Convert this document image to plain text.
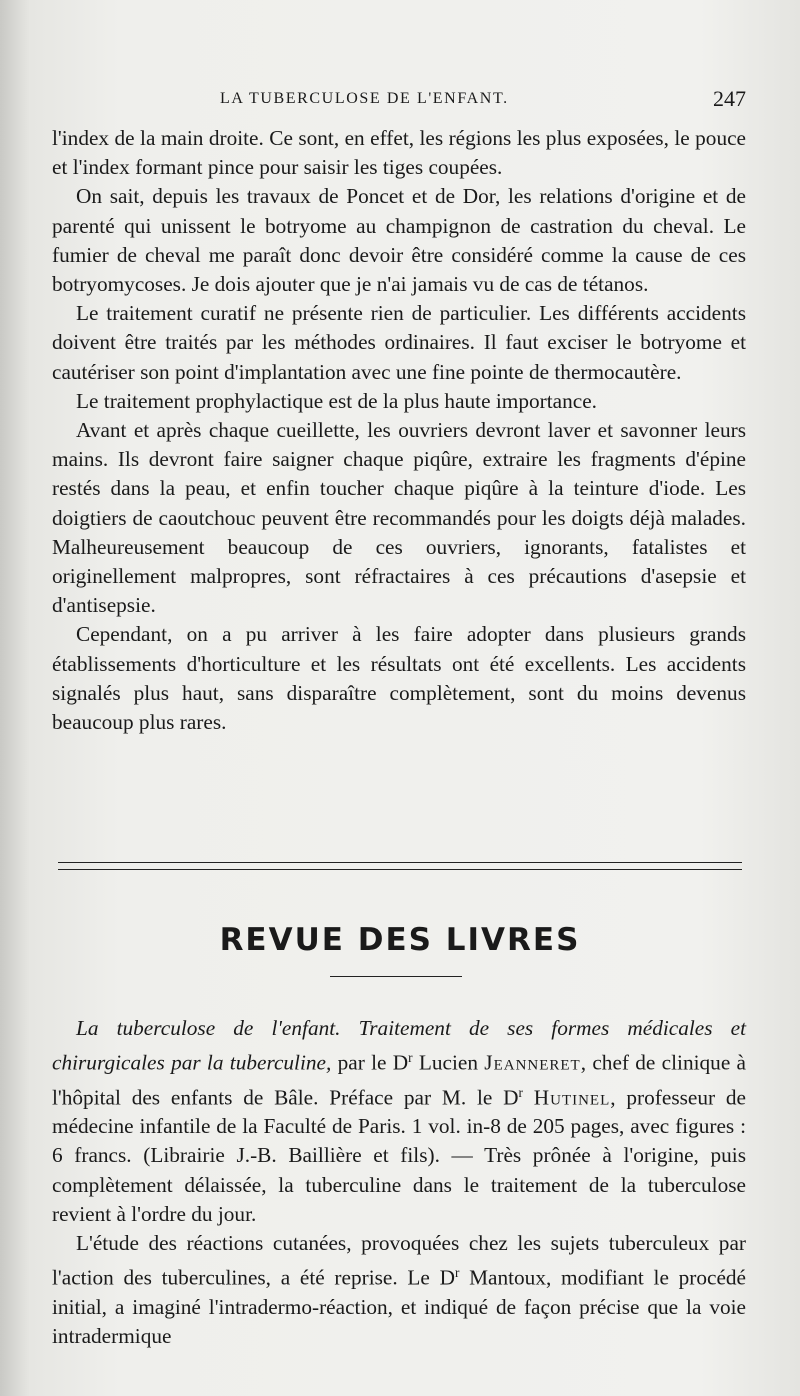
LA TUBERCULOSE DE L'ENFANT.	247

l'index de la main droite. Ce sont, en effet, les régions les plus exposées, le pouce et l'index formant pince pour saisir les tiges coupées.

On sait, depuis les travaux de Poncet et de Dor, les relations d'origine et de parenté qui unissent le botryome au champignon de castration du cheval. Le fumier de cheval me paraît donc devoir être considéré comme la cause de ces botryomycoses. Je dois ajouter que je n'ai jamais vu de cas de tétanos.

Le traitement curatif ne présente rien de particulier. Les différents accidents doivent être traités par les méthodes ordinaires. Il faut exciser le botryome et cautériser son point d'implantation avec une fine pointe de thermocautère.

Le traitement prophylactique est de la plus haute importance.

Avant et après chaque cueillette, les ouvriers devront laver et savonner leurs mains. Ils devront faire saigner chaque piqûre, extraire les fragments d'épine restés dans la peau, et enfin toucher chaque piqûre à la teinture d'iode. Les doigtiers de caoutchouc peuvent être recommandés pour les doigts déjà malades. Malheureusement beaucoup de ces ouvriers, ignorants, fatalistes et originellement malpropres, sont réfractaires à ces précautions d'asepsie et d'antisepsie.

Cependant, on a pu arriver à les faire adopter dans plusieurs grands établissements d'horticulture et les résultats ont été excellents. Les accidents signalés plus haut, sans disparaître complètement, sont du moins devenus beaucoup plus rares.

REVUE DES LIVRES

La tuberculose de l'enfant. Traitement de ses formes médicales et chirurgicales par la tuberculine, par le $D^r$ Lucien Jeanneret, chef de clinique à l'hôpital des enfants de Bâle. Préface par M. le $D^r$ Hutinel, professeur de médecine infantile de la Faculté de Paris. 1 vol. in-8 de 205 pages, avec figures : 6 francs. (Librairie J.-B. Baillière et fils). — Très prônée à l'origine, puis complètement délaissée, la tuberculine dans le traitement de la tuberculose revient à l'ordre du jour.

L'étude des réactions cutanées, provoquées chez les sujets tuberculeux par l'action des tuberculines, a été reprise. Le $D^r$ Mantoux, modifiant le procédé initial, a imaginé l'intradermo-réaction, et indiqué de façon précise que la voie intradermique
